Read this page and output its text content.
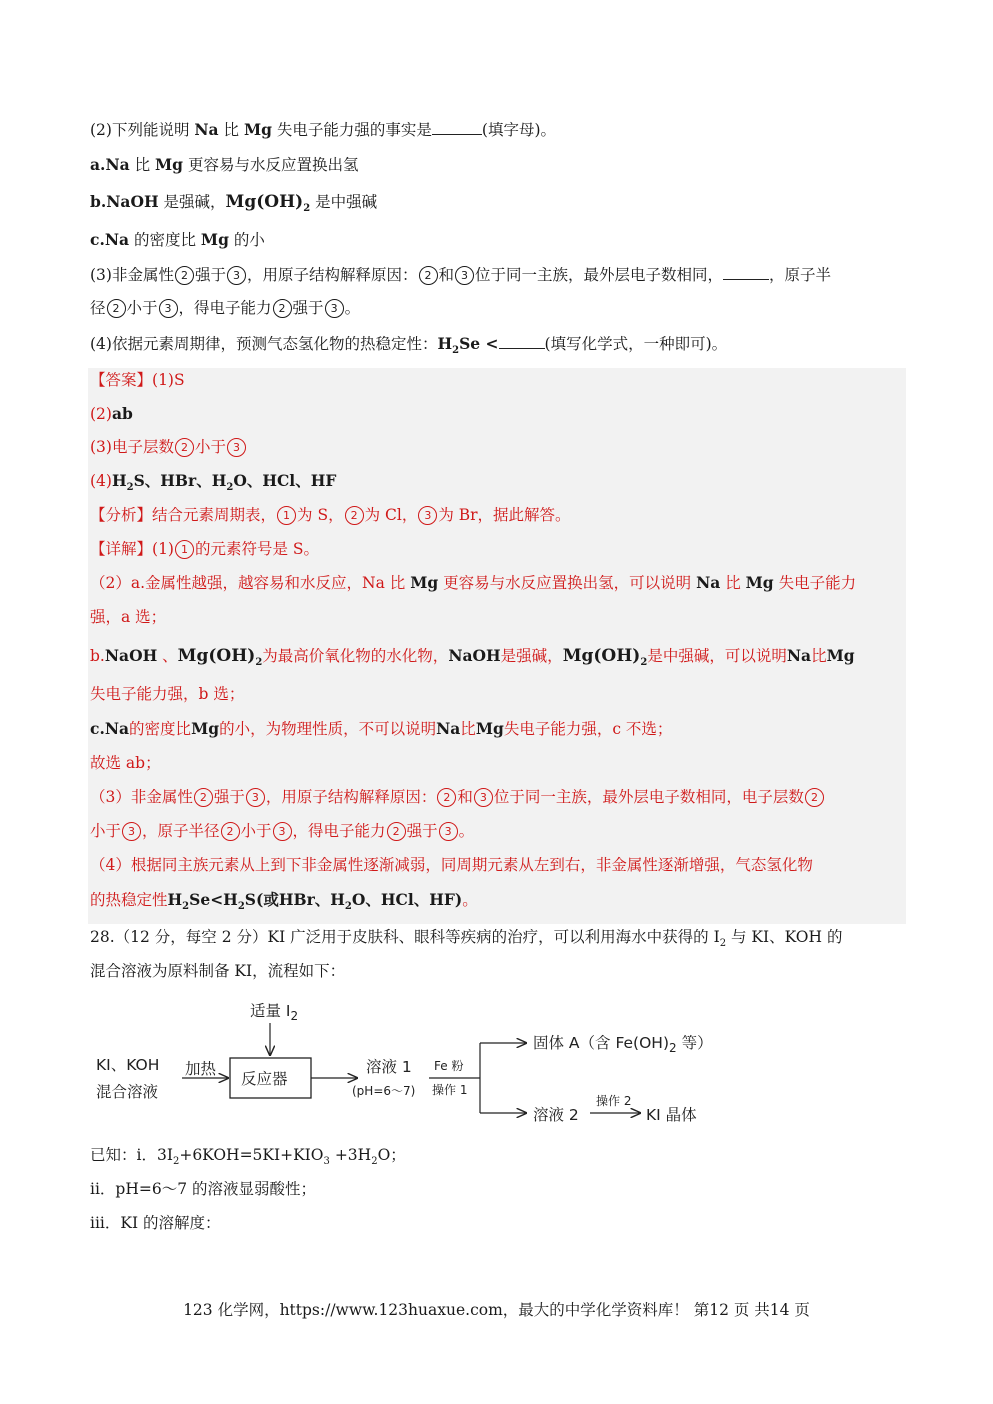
(2)下列能说明 Na 比 Mg 失电子能力强的事实是	(填字母)。
a.Na 比 Mg 更容易与水反应置换出氢
b.NaOH 是强碱，$Mg(OH)_2$ 是中强碱
c.Na 的密度比 Mg 的小
(3)非金属性 2 强于 3 ，用原子结构解释原因： 2 和 3 位于同一主族，最外层电子数相同，	，原子半
径 2 小于 3 ，得电子能力 2 强于 3 。
(4)依据元素周期律，预测气态氢化物的热稳定性：$H_2Se$ <	(填写化学式，一种即可)。
【答案】(1)S
(2)ab
(3)电子层数 2 小于 3
$(4)H_2S$、HBr、$H_2O$、HCl、HF
【分析】结合元素周期表， 1 为 S， 2 为 Cl， 3 为 Br，据此解答。
【详解】(1) 1 的元素符号是 S。
（2）a.金属性越强，越容易和水反应，Na 比 Mg 更容易与水反应置换出氢，可以说明 Na 比 Mg 失电子能力
强，a 选；
b.NaOH 、$Mg(OH)_2$为最高价氧化物的水化物，NaOH是强碱，$Mg(OH)_2$是中强碱，可以说明Na比Mg
失电子能力强，b 选；
c.Na的密度比Mg的小，为物理性质，不可以说明Na比Mg失电子能力强，c 不选；
故选 ab；
（3）非金属性 2 强于 3 ，用原子结构解释原因： 2 和 3 位于同一主族，最外层电子数相同，电子层数 2
小于 3 ，原子半径 2 小于 3 ，得电子能力 2 强于 3 。
（4）根据同主族元素从上到下非金属性逐渐减弱，同周期元素从左到右，非金属性逐渐增强，气态氢化物
的热稳定性$H_2Se<H_2S$(或HBr、$H_2O$、HCl、HF)。
28.（12 分，每空 2 分）KI 广泛用于皮肤科、眼科等疾病的治疗，可以利用海水中获得的 $I_2$ 与 KI、KOH 的
混合溶液为原料制备 KI，流程如下：
适量 $I_2$
KI、KOH
混合溶液
加热
反应器
溶液 1
(pH=6～7)
Fe 粉
操作 1
固体 A（含 $Fe(OH)_2$ 等）
溶液 2
操作 2
KI 晶体
已知：i．$3I_2+6KOH=5KI+KIO_3 +3H_2O$；
ii．pH=6～7 的溶液显弱酸性；
iii．KI 的溶解度：
123 化学网，https://www.123huaxue.com，最大的中学化学资料库！ 第12 页 共14 页
